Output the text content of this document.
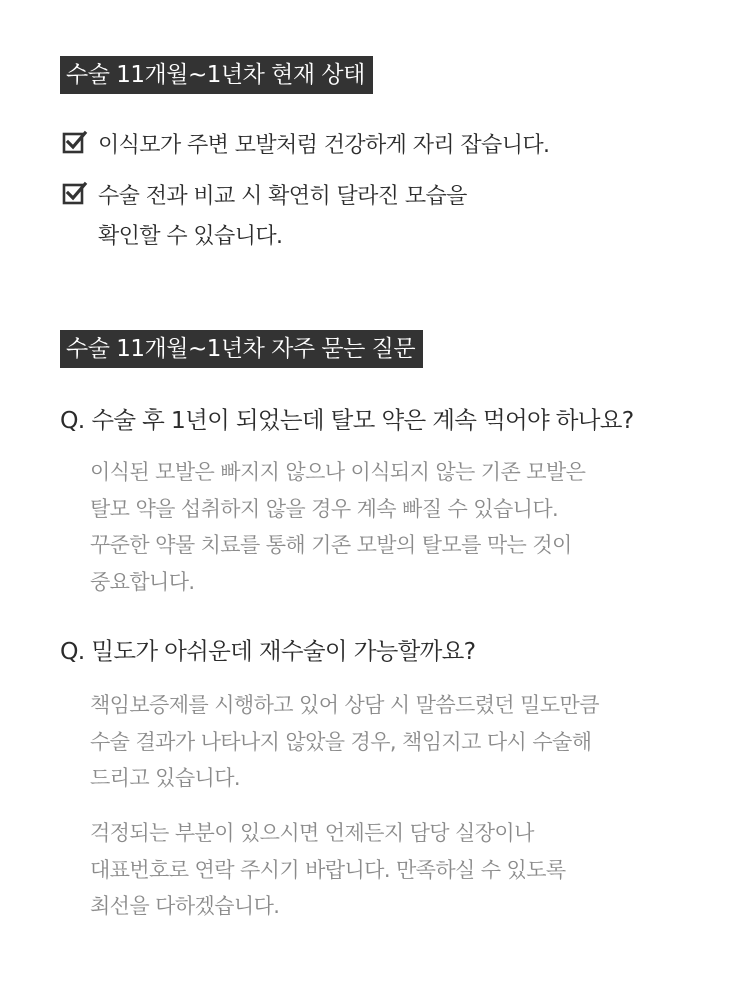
수술 11개월~1년차 현재 상태
이식모가 주변 모발처럼 건강하게 자리 잡습니다.
수술 전과 비교 시 확연히 달라진 모습을
확인할 수 있습니다.
수술 11개월~1년차 자주 묻는 질문
Q. 수술 후 1년이 되었는데 탈모 약은 계속 먹어야 하나요?
이식된 모발은 빠지지 않으나 이식되지 않는 기존 모발은
탈모 약을 섭취하지 않을 경우 계속 빠질 수 있습니다.
꾸준한 약물 치료를 통해 기존 모발의 탈모를 막는 것이
중요합니다.
Q. 밀도가 아쉬운데 재수술이 가능할까요?
책임보증제를 시행하고 있어 상담 시 말씀드렸던 밀도만큼
수술 결과가 나타나지 않았을 경우, 책임지고 다시 수술해
드리고 있습니다.
걱정되는 부분이 있으시면 언제든지 담당 실장이나
대표번호로 연락 주시기 바랍니다. 만족하실 수 있도록
최선을 다하겠습니다.
